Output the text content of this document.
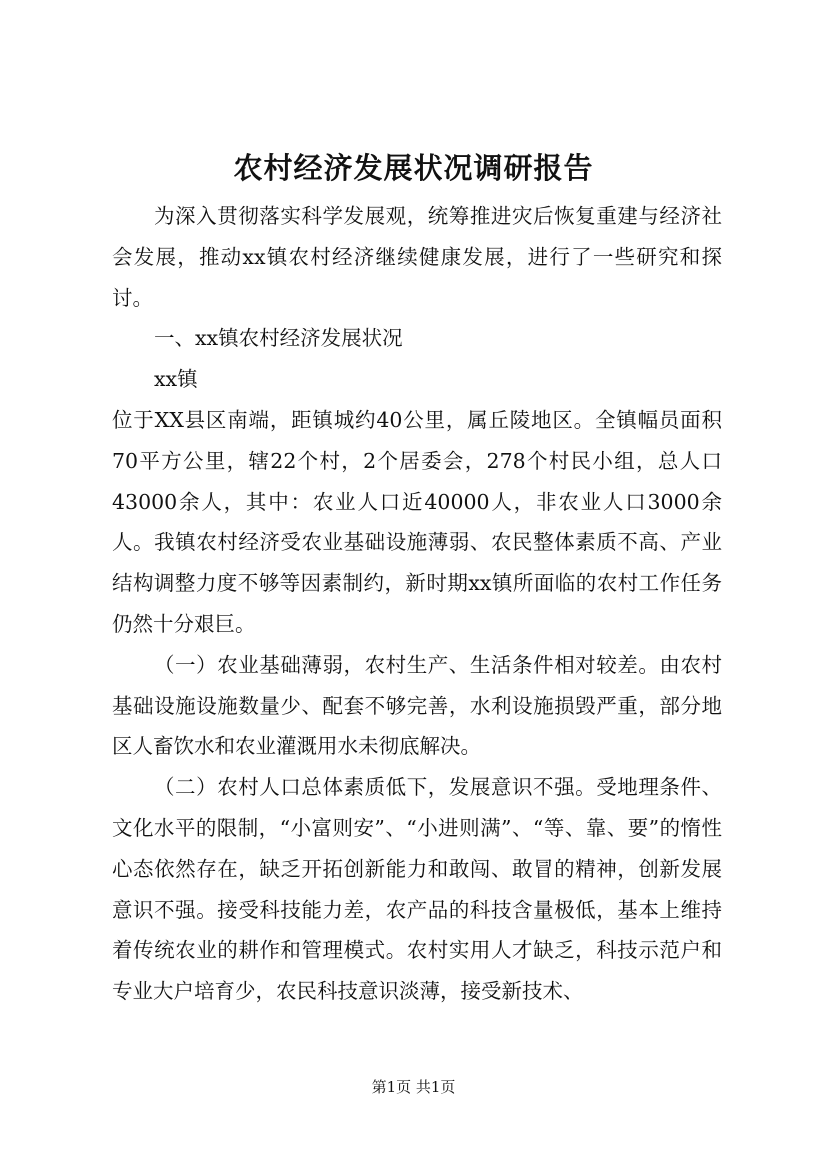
农村经济发展状况调研报告

为深入贯彻落实科学发展观，统筹推进灾后恢复重建与经济社会发展，推动xx镇农村经济继续健康发展，进行了一些研究和探讨。

一、xx镇农村经济发展状况

xx镇

位于XX县区南端，距镇城约40公里，属丘陵地区。全镇幅员面积70平方公里，辖22个村，2个居委会，278个村民小组，总人口43000余人，其中：农业人口近40000人，非农业人口3000余人。我镇农村经济受农业基础设施薄弱、农民整体素质不高、产业结构调整力度不够等因素制约，新时期xx镇所面临的农村工作任务仍然十分艰巨。

（一）农业基础薄弱，农村生产、生活条件相对较差。由农村基础设施设施数量少、配套不够完善，水利设施损毁严重，部分地区人畜饮水和农业灌溉用水未彻底解决。

（二）农村人口总体素质低下，发展意识不强。受地理条件、文化水平的限制，“小富则安”、“小进则满”、“等、靠、要”的惰性心态依然存在，缺乏开拓创新能力和敢闯、敢冒的精神，创新发展意识不强。接受科技能力差，农产品的科技含量极低，基本上维持着传统农业的耕作和管理模式。农村实用人才缺乏，科技示范户和专业大户培育少，农民科技意识淡薄，接受新技术、

第1页 共1页
